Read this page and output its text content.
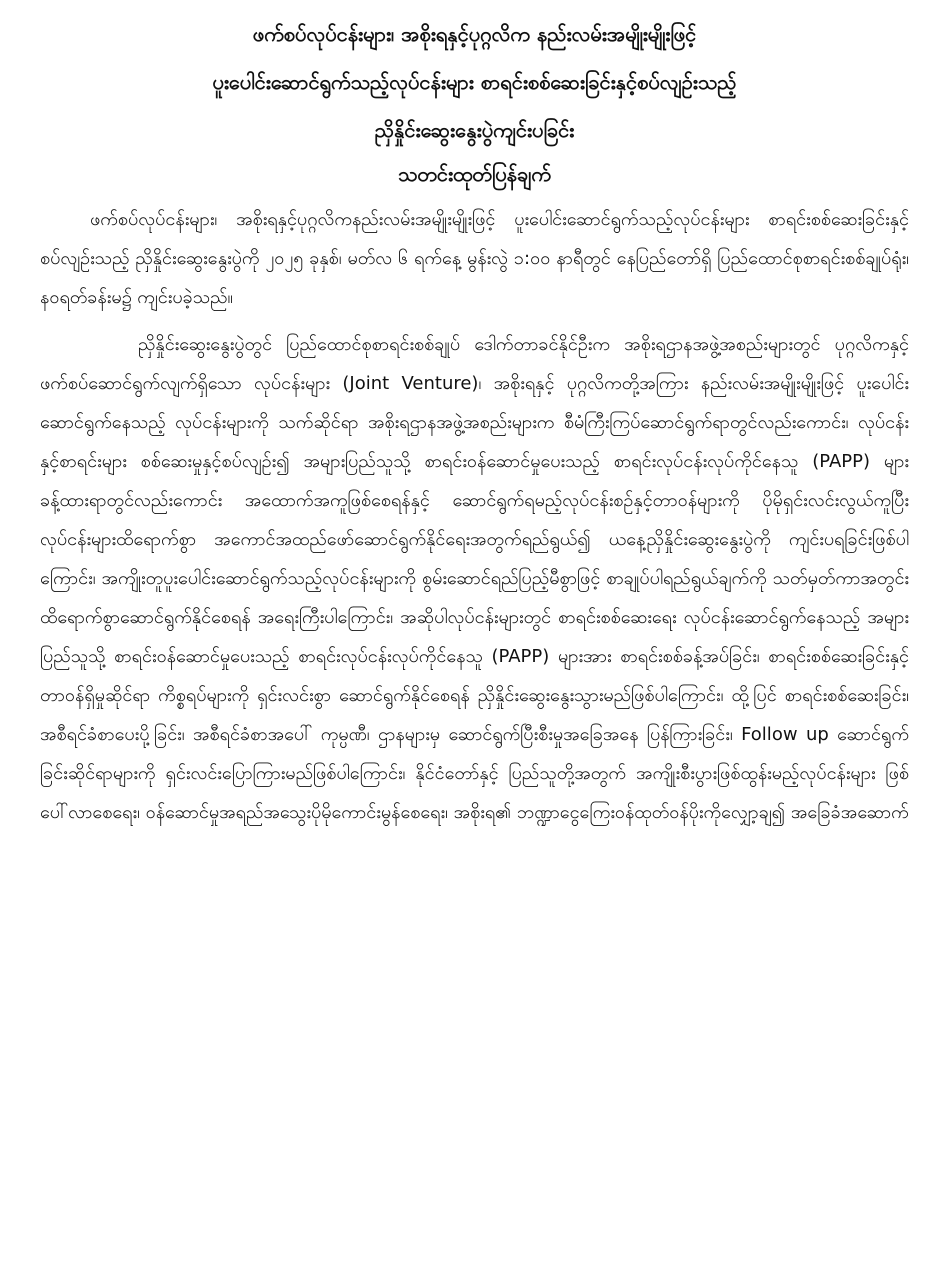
ဖက်စပ်လုပ်ငန်းများ၊ အစိုးရနှင့်ပုဂ္ဂလိက နည်းလမ်းအမျိုးမျိုးဖြင့်
ပူးပေါင်းဆောင်ရွက်သည့်လုပ်ငန်းများ စာရင်းစစ်ဆေးခြင်းနှင့်စပ်လျဉ်းသည့်
ညှိနှိုင်းဆွေးနွေးပွဲကျင်းပခြင်း
သတင်းထုတ်ပြန်ချက်

ဖက်စပ်လုပ်ငန်းများ၊ အစိုးရနှင့်ပုဂ္ဂလိကနည်းလမ်းအမျိုးမျိုးဖြင့် ပူးပေါင်းဆောင်ရွက်သည့်လုပ်ငန်းများ စာရင်းစစ်ဆေးခြင်းနှင့်စပ်လျဉ်းသည့် ညှိနှိုင်းဆွေးနွေးပွဲကို ၂၀၂၅ ခုနှစ်၊ မတ်လ ၆ ရက်နေ့ မွန်းလွဲ ၁:၀၀ နာရီတွင် နေပြည်တော်ရှိ ပြည်ထောင်စုစာရင်းစစ်ချုပ်ရုံး၊ န၀ရတ်ခန်းမ၌ ကျင်းပခဲ့သည်။

ညှိနှိုင်းဆွေးနွေးပွဲတွင် ပြည်ထောင်စုစာရင်းစစ်ချုပ် ဒေါက်တာခင်နိုင်ဦးက အစိုးရဌာနအဖွဲ့အစည်းများတွင် ပုဂ္ဂလိကနှင့်ဖက်စပ်ဆောင်ရွက်လျက်ရှိသော လုပ်ငန်းများ (Joint Venture)၊ အစိုးရနှင့် ပုဂ္ဂလိကတို့အကြား နည်းလမ်းအမျိုးမျိုးဖြင့် ပူးပေါင်းဆောင်ရွက်နေသည့် လုပ်ငန်းများကို သက်ဆိုင်ရာ အစိုးရဌာနအဖွဲ့အစည်းများက စီမံကြီးကြပ်ဆောင်ရွက်ရာတွင်လည်းကောင်း၊ လုပ်ငန်းနှင့်စာရင်းများ စစ်ဆေးမှုနှင့်စပ်လျဉ်း၍ အများပြည်သူသို့ စာရင်းဝန်ဆောင်မှုပေးသည့် စာရင်းလုပ်ငန်းလုပ်ကိုင်နေသူ (PAPP) များ ခန့်ထားရာတွင်လည်းကောင်း အထောက်အကူဖြစ်စေရန်နှင့် ဆောင်ရွက်ရမည့်လုပ်ငန်းစဉ်နှင့်တာဝန်များကို ပိုမိုရှင်းလင်းလွယ်ကူပြီး လုပ်ငန်းများထိရောက်စွာ အကောင်အထည်ဖော်ဆောင်ရွက်နိုင်ရေးအတွက်ရည်ရွယ်၍ ယနေ့ညှိနှိုင်းဆွေးနွေးပွဲကို ကျင်းပရခြင်းဖြစ်ပါကြောင်း၊ အကျိုးတူပူးပေါင်းဆောင်ရွက်သည့်လုပ်ငန်းများကို စွမ်းဆောင်ရည်ပြည့်မီစွာဖြင့် စာချုပ်ပါရည်ရွယ်ချက်ကို သတ်မှတ်ကာအတွင်း ထိရောက်စွာဆောင်ရွက်နိုင်စေရန် အရေးကြီးပါကြောင်း၊ အဆိုပါလုပ်ငန်းများတွင် စာရင်းစစ်ဆေးရေး လုပ်ငန်းဆောင်ရွက်နေသည့် အများပြည်သူသို့ စာရင်းဝန်ဆောင်မှုပေးသည့် စာရင်းလုပ်ငန်းလုပ်ကိုင်နေသူ (PAPP) များအား စာရင်းစစ်ခန့်အပ်ခြင်း၊ စာရင်းစစ်ဆေးခြင်းနှင့်တာဝန်ရှိမှုဆိုင်ရာ ကိစ္စရပ်များကို ရှင်းလင်းစွာ ဆောင်ရွက်နိုင်စေရန် ညှိနှိုင်းဆွေးနွေးသွားမည်ဖြစ်ပါကြောင်း၊ ထို့ပြင် စာရင်းစစ်ဆေးခြင်း၊ အစီရင်ခံစာပေးပို့ခြင်း၊ အစီရင်ခံစာအပေါ် ကုမ္ပဏီ၊ ဌာနများမှ ဆောင်ရွက်ပြီးစီးမှုအခြေအနေ ပြန်ကြားခြင်း၊ Follow up ဆောင်ရွက်ခြင်းဆိုင်ရာများကို ရှင်းလင်းပြောကြားမည်ဖြစ်ပါကြောင်း၊ နိုင်ငံတော်နှင့် ပြည်သူတို့အတွက် အကျိုးစီးပွားဖြစ်ထွန်းမည့်လုပ်ငန်းများ ဖြစ်ပေါ်လာစေရေး၊ ဝန်ဆောင်မှုအရည်အသွေးပိုမိုကောင်းမွန်စေရေး၊ အစိုးရ၏ ဘဏ္ဍာငွေကြေးဝန်ထုတ်ဝန်ပိုးကိုလျှော့ချ၍ အခြေခံအဆောက်
